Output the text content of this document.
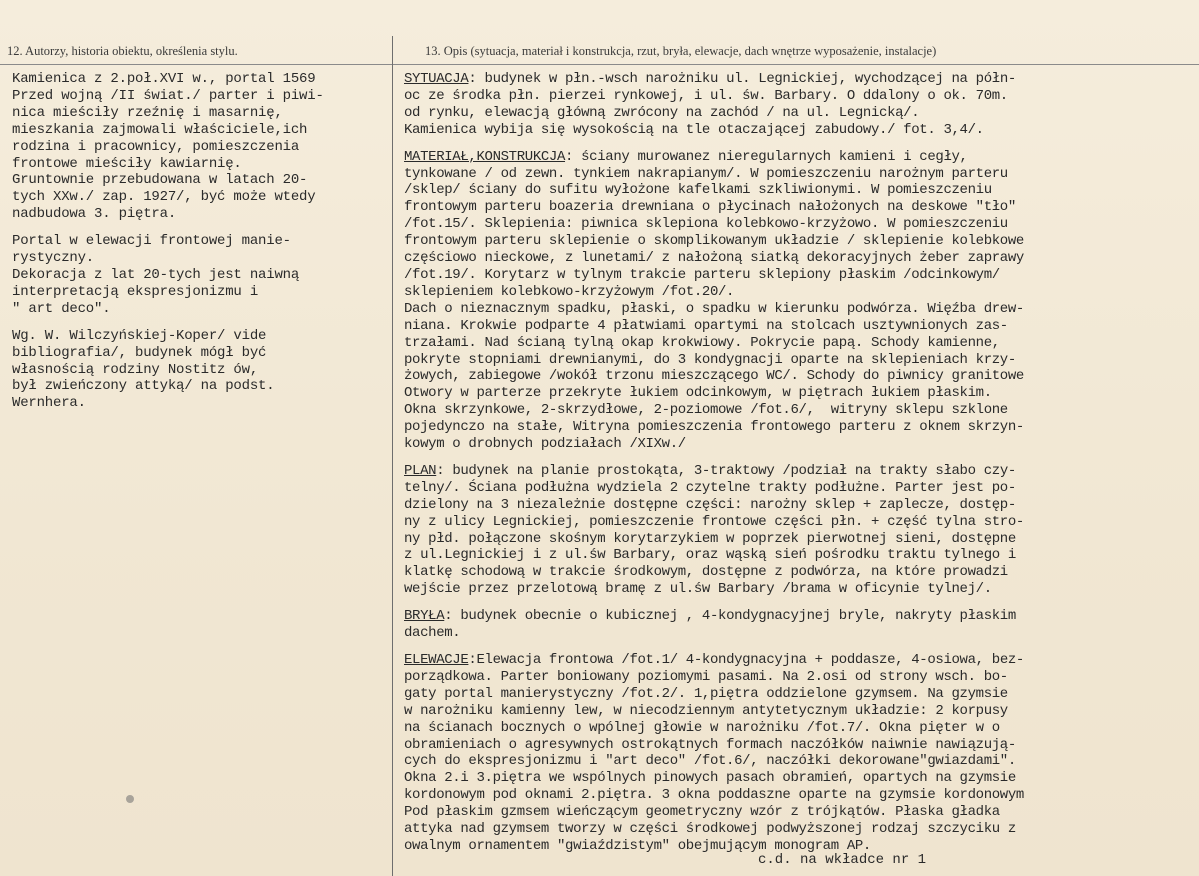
12. Autorzy, historia obiektu, określenia stylu.	13. Opis (sytuacja, materiał i konstrukcja, rzut, bryła, elewacje, dach wnętrze wyposażenie, instalacje)
Kamienica z 2.poł.XVI w., portal 1569
Przed wojną /II świat./ parter i piwi-
nica mieściły rzeźnię i masarnię,
mieszkania zajmowali właściciele,ich
rodzina i pracownicy, pomieszczenia
frontowe mieściły kawiarnię.
Gruntownie przebudowana w latach 20-
tych XXw./ zap. 1927/, być może wtedy
nadbudowa 3. piętra.
Portal w elewacji frontowej manie-
rystyczny.
Dekoracja z lat 20-tych jest naiwną
interpretacją ekspresjonizmu i
" art deco".
Wg. W. Wilczyńskiej-Koper/ vide
bibliografia/, budynek mógł być
własnością rodziny Nostitz ów,
był zwieńczony attyką/ na podst.
Wernhera.
SYTUACJA: budynek w płn.-wsch narożniku ul. Legnickiej, wychodzącej na półn-
oc ze środka płn. pierzei rynkowej, i ul. św. Barbary. O ddalony o ok. 70m.
od rynku, elewacją główną zwrócony na zachód / na ul. Legnicką/.
Kamienica wybija się wysokością na tle otaczającej zabudowy./ fot. 3,4/.
MATERIAŁ,KONSTRUKCJA: ściany murowanez nieregularnych kamieni i cegły,
tynkowane / od zewn. tynkiem nakrapianym/. W pomieszczeniu narożnym parteru
/sklep/ ściany do sufitu wyłożone kafelkami szkliwionymi. W pomieszczeniu
frontowym parteru boazeria drewniana o płycinach nałożonych na deskowe "tło"
/fot.15/. Sklepienia: piwnica sklepiona kolebkowo-krzyżowo. W pomieszczeniu
frontowym parteru sklepienie o skomplikowanym układzie / sklepienie kolebkowe
częściowo nieckowe, z lunetami/ z nałożoną siatką dekoracyjnych żeber zaprawy
/fot.19/. Korytarz w tylnym trakcie parteru sklepiony płaskim /odcinkowym/
sklepieniem kolebkowo-krzyżowym /fot.20/.
Dach o nieznacznym spadku, płaski, o spadku w kierunku podwórza. Więźba drew-
niana. Krokwie podparte 4 płatwiami opartymi na stolcach usztywnionych zas-
trzałami. Nad ścianą tylną okap krokwiowy. Pokrycie papą. Schody kamienne,
pokryte stopniami drewnianymi, do 3 kondygnacji oparte na sklepieniach krzy-
żowych, zabiegowe /wokół trzonu mieszczącego WC/. Schody do piwnicy granitowe
Otwory w parterze przekryte łukiem odcinkowym, w piętrach łukiem płaskim.
Okna skrzynkowe, 2-skrzydłowe, 2-poziomowe /fot.6/,  witryny sklepu szklone
pojedynczo na stałe, Witryna pomieszczenia frontowego parteru z oknem skrzyn-
kowym o drobnych podziałach /XIXw./
PLAN: budynek na planie prostokąta, 3-traktowy /podział na trakty słabo czy-
telny/. Ściana podłużna wydziela 2 czytelne trakty podłużne. Parter jest po-
dzielony na 3 niezależnie dostępne części: narożny sklep + zaplecze, dostęp-
ny z ulicy Legnickiej, pomieszczenie frontowe części płn. + część tylna stro-
ny płd. połączone skośnym korytarzykiem w poprzek pierwotnej sieni, dostępne
z ul.Legnickiej i z ul.św Barbary, oraz wąską sień pośrodku traktu tylnego i
klatkę schodową w trakcie środkowym, dostępne z podwórza, na które prowadzi
wejście przez przelotową bramę z ul.św Barbary /brama w oficynie tylnej/.
BRYŁA: budynek obecnie o kubicznej , 4-kondygnacyjnej bryle, nakryty płaskim
dachem.
ELEWACJE:Elewacja frontowa /fot.1/ 4-kondygnacyjna + poddasze, 4-osiowa, bez-
porządkowa. Parter boniowany poziomymi pasami. Na 2.osi od strony wsch. bo-
gaty portal manierystyczny /fot.2/. 1,piętra oddzielone gzymsem. Na gzymsie
w narożniku kamienny lew, w niecodziennym antytetycznym układzie: 2 korpusy
na ścianach bocznych o wpólnej głowie w narożniku /fot.7/. Okna pięter w o
obramieniach o agresywnych ostrokątnych formach naczółków naiwnie nawiązują-
cych do ekspresjonizmu i "art deco" /fot.6/, naczółki dekorowane"gwiazdami".
Okna 2.i 3.piętra we wspólnych pinowych pasach obramień, opartych na gzymsie
kordonowym pod oknami 2.piętra. 3 okna poddaszne oparte na gzymsie kordonowym
Pod płaskim gzmsem wieńczącym geometryczny wzór z trójkątów. Płaska gładka
attyka nad gzymsem tworzy w części środkowej podwyższonej rodzaj szczyciku z
owalnym ornamentem "gwiaździstym" obejmującym monogram AP.
c.d. na wkładce nr 1
